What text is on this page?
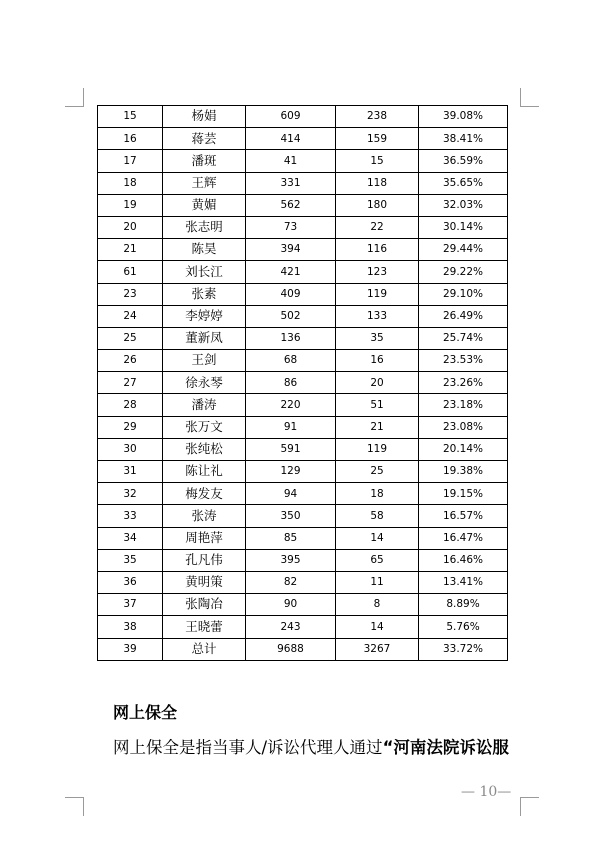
15	杨娟	609	238	39.08%
16	蒋芸	414	159	38.41%
17	潘斑	41	15	36.59%
18	王辉	331	118	35.65%
19	黄媚	562	180	32.03%
20	张志明	73	22	30.14%
21	陈昊	394	116	29.44%
61	刘长江	421	123	29.22%
23	张素	409	119	29.10%
24	李婷婷	502	133	26.49%
25	董新凤	136	35	25.74%
26	王剑	68	16	23.53%
27	徐永琴	86	20	23.26%
28	潘涛	220	51	23.18%
29	张万文	91	21	23.08%
30	张纯松	591	119	20.14%
31	陈让礼	129	25	19.38%
32	梅发友	94	18	19.15%
33	张涛	350	58	16.57%
34	周艳萍	85	14	16.47%
35	孔凡伟	395	65	16.46%
36	黄明策	82	11	13.41%
37	张陶冶	90	8	8.89%
38	王晓蕾	243	14	5.76%
39	总计	9688	3267	33.72%
网上保全

网上保全是指当事人/诉讼代理人通过“河南法院诉讼服

— 10—
